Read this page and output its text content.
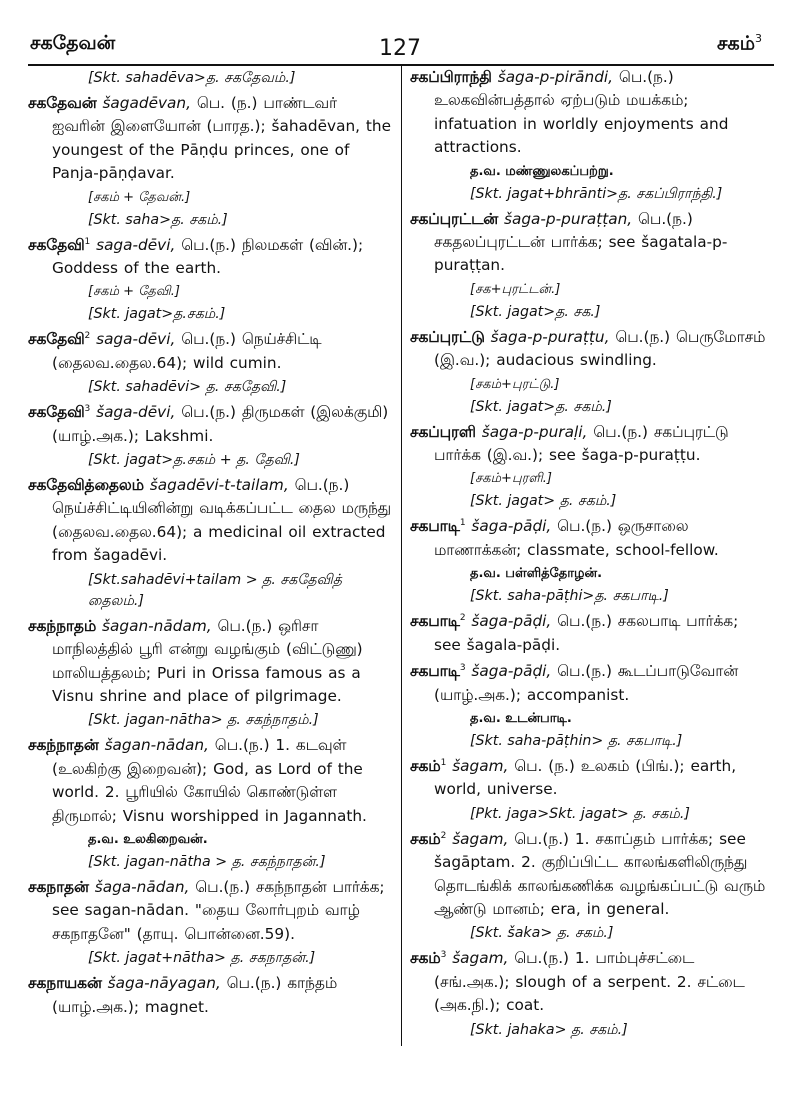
சகதேவன்	127	சகம்$^3$

[Skt. sahadēva>த. சகதேவம்.]

சகதேவன் šagadēvan, பெ. (ந.) பாண்டவர் ஐவரின் இளையோன் (பாரத.); šahadēvan, the youngest of the Pāṇḍu princes, one of Panja-pāṇḍavar.

[சகம் + தேவன்.]

[Skt. saha>த. சகம்.]

சகதேவி$^1$ saga-dēvi, பெ.(ந.) நிலமகள் (வின்.); Goddess of the earth.

[சகம் + தேவி.]

[Skt. jagat>த.சகம்.]

சகதேவி$^2$ saga-dēvi, பெ.(ந.) நெய்ச்சிட்டி (தைலவ.தைல.64); wild cumin.

[Skt. sahadēvi> த. சகதேவி.]

சகதேவி$^3$ šaga-dēvi, பெ.(ந.) திருமகள் (இலக்குமி) (யாழ்.அக.); Lakshmi.

[Skt. jagat>த.சகம் + த. தேவி.]

சகதேவித்தைலம் šagadēvi-t-tailam, பெ.(ந.) நெய்ச்சிட்டியினின்று வடிக்கப்பட்ட தைல மருந்து (தைலவ.தைல.64); a medicinal oil extracted from šagadēvi.

[Skt.sahadēvi+tailam > த. சகதேவித் தைலம்.]

சகந்நாதம் šagan-nādam, பெ.(ந.) ஒரிசா மாநிலத்தில் பூரி என்று வழங்கும் (விட்டுணு) மாலியத்தலம்; Puri in Orissa famous as a Visnu shrine and place of pilgrimage.

[Skt. jagan-nātha> த. சகந்நாதம்.]

சகந்நாதன் šagan-nādan, பெ.(ந.) 1. கடவுள் (உலகிற்கு இறைவன்); God, as Lord of the world. 2. பூரியில் கோயில் கொண்டுள்ள திருமால்; Visnu worshipped in Jagannath.

த.வ. உலகிறைவன்.

[Skt. jagan-nātha > த. சகந்நாதன்.]

சகநாதன் šaga-nādan, பெ.(ந.) சகந்நாதன் பார்க்க; see sagan-nādan. "தைய லோர்புறம் வாழ் சகநாதனே" (தாயு. பொன்னை.59).

[Skt. jagat+nātha> த. சகநாதன்.]

சகநாயகன் šaga-nāyagan, பெ.(ந.) காந்தம் (யாழ்.அக.); magnet.

சகப்பிராந்தி šaga-p-pirāndi, பெ.(ந.) உலகவின்பத்தால் ஏற்படும் மயக்கம்; infatuation in worldly enjoyments and attractions.

த.வ. மண்ணுலகப்பற்று.

[Skt. jagat+bhrānti>த. சகப்பிராந்தி.]

சகப்புரட்டன் šaga-p-puraṭṭan, பெ.(ந.) சகதலப்புரட்டன் பார்க்க; see šagatala-p-puraṭṭan.

[சக+புரட்டன்.]

[Skt. jagat>த. சக.]

சகப்புரட்டு šaga-p-puraṭṭu, பெ.(ந.) பெருமோசம் (இ.வ.); audacious swindling.

[சகம்+புரட்டு.]

[Skt. jagat>த. சகம்.]

சகப்புரளி šaga-p-puraḷi, பெ.(ந.) சகப்புரட்டு பார்க்க (இ.வ.); see šaga-p-puraṭṭu.

[சகம்+புரளி.]

[Skt. jagat> த. சகம்.]

சகபாடி$^1$ šaga-pāḍi, பெ.(ந.) ஒருசாலை மாணாக்கன்; classmate, school-fellow.

த.வ. பள்ளித்தோழன்.

[Skt. saha-pāṭhi>த. சகபாடி.]

சகபாடி$^2$ šaga-pāḍi, பெ.(ந.) சகலபாடி பார்க்க; see šagala-pāḍi.

சகபாடி$^3$ šaga-pāḍi, பெ.(ந.) கூடப்பாடுவோன் (யாழ்.அக.); accompanist.

த.வ. உடன்பாடி.

[Skt. saha-pāṭhin> த. சகபாடி.]

சகம்$^1$ šagam, பெ. (ந.) உலகம் (பிங்.); earth, world, universe.

[Pkt. jaga>Skt. jagat> த. சகம்.]

சகம்$^2$ šagam, பெ.(ந.) 1. சகாப்தம் பார்க்க; see šagāptam. 2. குறிப்பிட்ட காலங்களிலிருந்து தொடங்கிக் காலங்கணிக்க வழங்கப்பட்டு வரும் ஆண்டு மானம்; era, in general.

[Skt. šaka> த. சகம்.]

சகம்$^3$ šagam, பெ.(ந.) 1. பாம்புச்சட்டை (சங்.அக.); slough of a serpent. 2. சட்டை (அக.நி.); coat.

[Skt. jahaka> த. சகம்.]
